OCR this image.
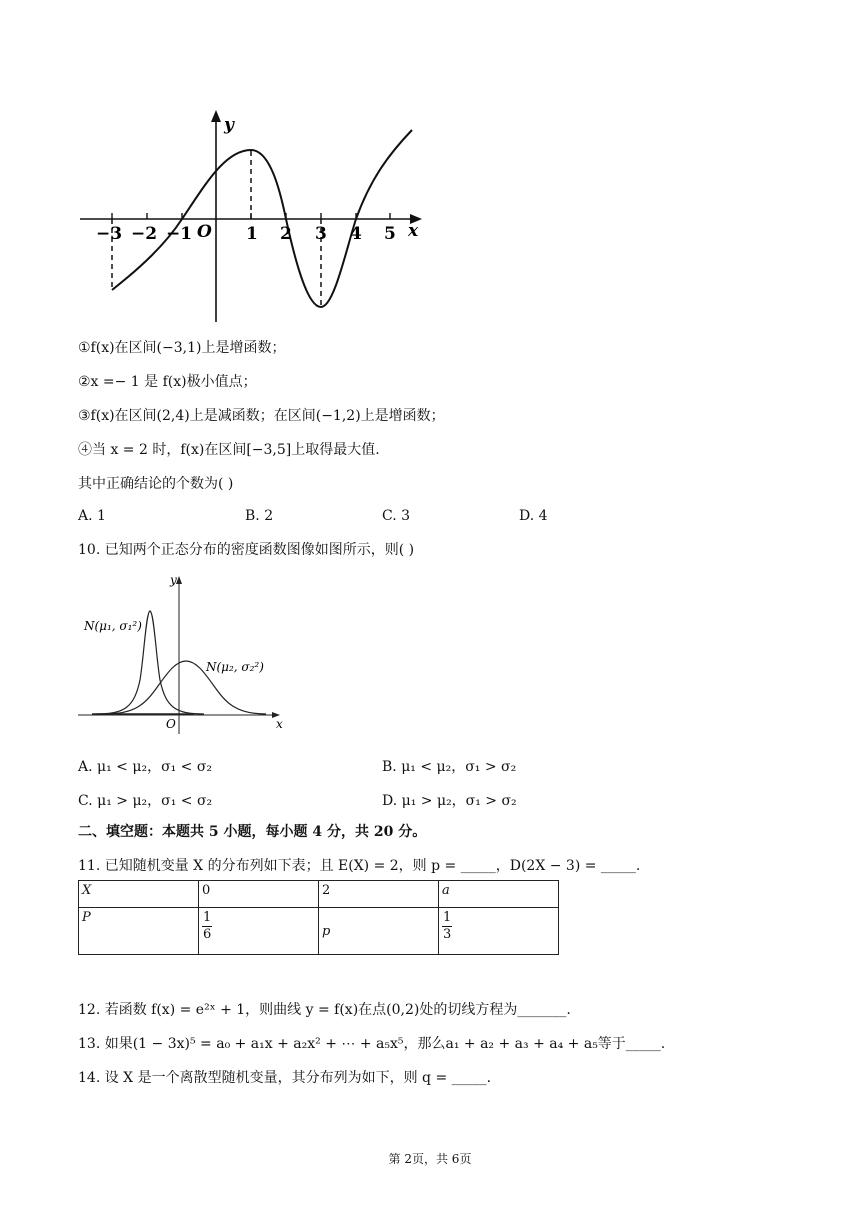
y
x
O
−3 −2 −1	1 2 3 4 5
①f(x)在区间(−3,1)上是增函数；
②x =− 1 是 f(x)极小值点；
③f(x)在区间(2,4)上是减函数；在区间(−1,2)上是增函数；
④当 x = 2 时，f(x)在区间[−3,5]上取得最大值.
其中正确结论的个数为( )
A. 1	B. 2	C. 3	D. 4
10. 已知两个正态分布的密度函数图像如图所示，则( )
y
x
O
N(μ₁, σ₁²)
N(μ₂, σ₂²)
A. μ₁ < μ₂，σ₁ < σ₂	B. μ₁ < μ₂，σ₁ > σ₂
C. μ₁ > μ₂，σ₁ < σ₂	D. μ₁ > μ₂，σ₁ > σ₂
二、填空题：本题共 5 小题，每小题 4 分，共 20 分。
11. 已知随机变量 X 的分布列如下表；且 E(X) = 2，则 p = _____，D(2X − 3) = _____.
X	0	2	a
P	$\frac{1}{6}$	p	$\frac{1}{3}$
12. 若函数 f(x) = e²ˣ + 1，则曲线 y = f(x)在点(0,2)处的切线方程为_______.
13. 如果(1 − 3x)⁵ = a₀ + a₁x + a₂x² + ⋯ + a₅x⁵，那么a₁ + a₂ + a₃ + a₄ + a₅等于_____.
14. 设 X 是一个离散型随机变量，其分布列为如下，则 q = _____.
第 2页，共 6页
